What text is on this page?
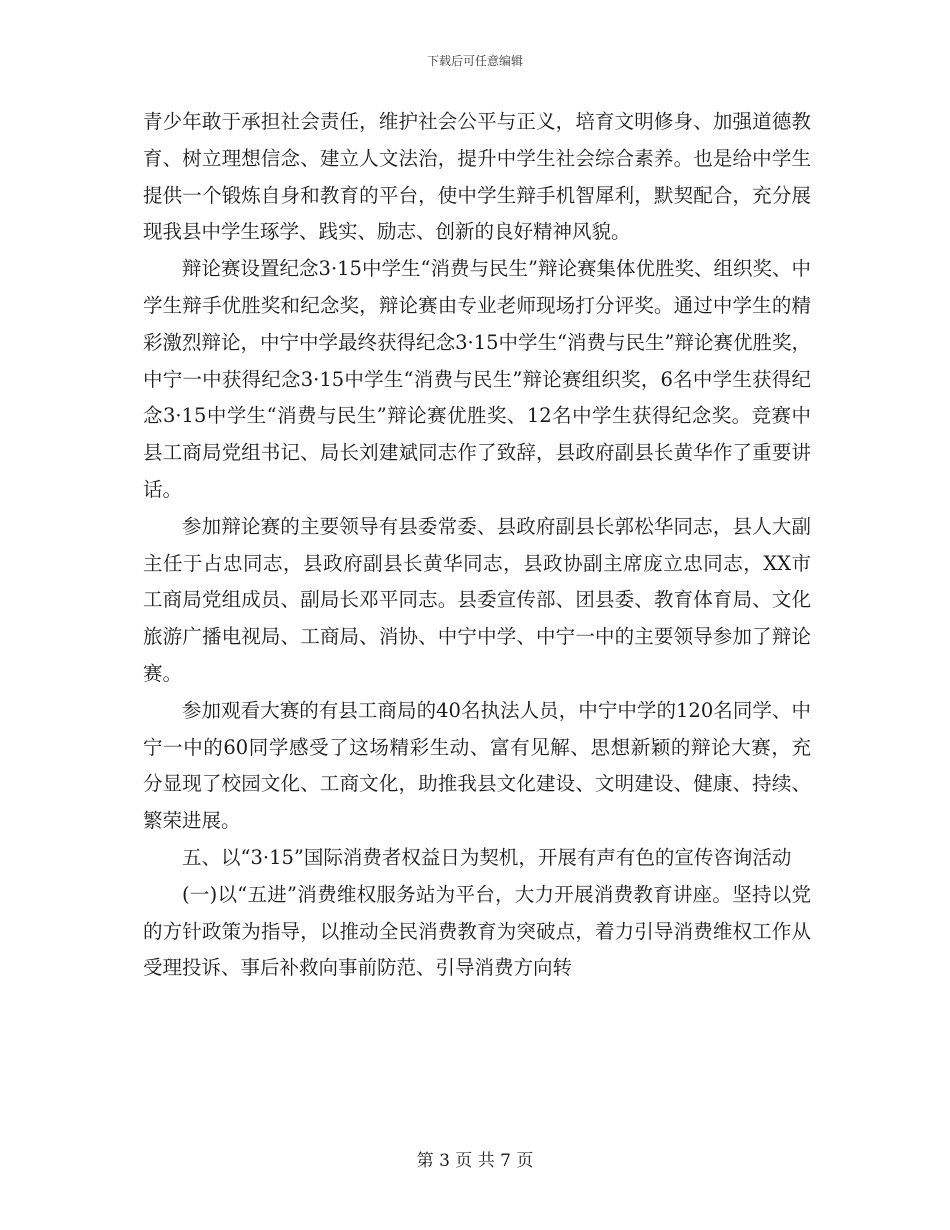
下载后可任意编辑

青少年敢于承担社会责任，维护社会公平与正义，培育文明修身、加强道德教育、树立理想信念、建立人文法治，提升中学生社会综合素养。也是给中学生提供一个锻炼自身和教育的平台，使中学生辩手机智犀利，默契配合，充分展现我县中学生琢学、践实、励志、创新的良好精神风貌。

辩论赛设置纪念3·15中学生“消费与民生”辩论赛集体优胜奖、组织奖、中学生辩手优胜奖和纪念奖，辩论赛由专业老师现场打分评奖。通过中学生的精彩激烈辩论，中宁中学最终获得纪念3·15中学生“消费与民生”辩论赛优胜奖，中宁一中获得纪念3·15中学生“消费与民生”辩论赛组织奖，6名中学生获得纪念3·15中学生“消费与民生”辩论赛优胜奖、12名中学生获得纪念奖。竞赛中县工商局党组书记、局长刘建斌同志作了致辞，县政府副县长黄华作了重要讲话。

参加辩论赛的主要领导有县委常委、县政府副县长郭松华同志，县人大副主任于占忠同志，县政府副县长黄华同志，县政协副主席庞立忠同志，XX市工商局党组成员、副局长邓平同志。县委宣传部、团县委、教育体育局、文化旅游广播电视局、工商局、消协、中宁中学、中宁一中的主要领导参加了辩论赛。

参加观看大赛的有县工商局的40名执法人员，中宁中学的120名同学、中宁一中的60同学感受了这场精彩生动、富有见解、思想新颖的辩论大赛，充分显现了校园文化、工商文化，助推我县文化建设、文明建设、健康、持续、繁荣进展。

五、以“3·15”国际消费者权益日为契机，开展有声有色的宣传咨询活动

(一)以“五进”消费维权服务站为平台，大力开展消费教育讲座。坚持以党的方针政策为指导，以推动全民消费教育为突破点，着力引导消费维权工作从受理投诉、事后补救向事前防范、引导消费方向转

第 3 页 共 7 页
